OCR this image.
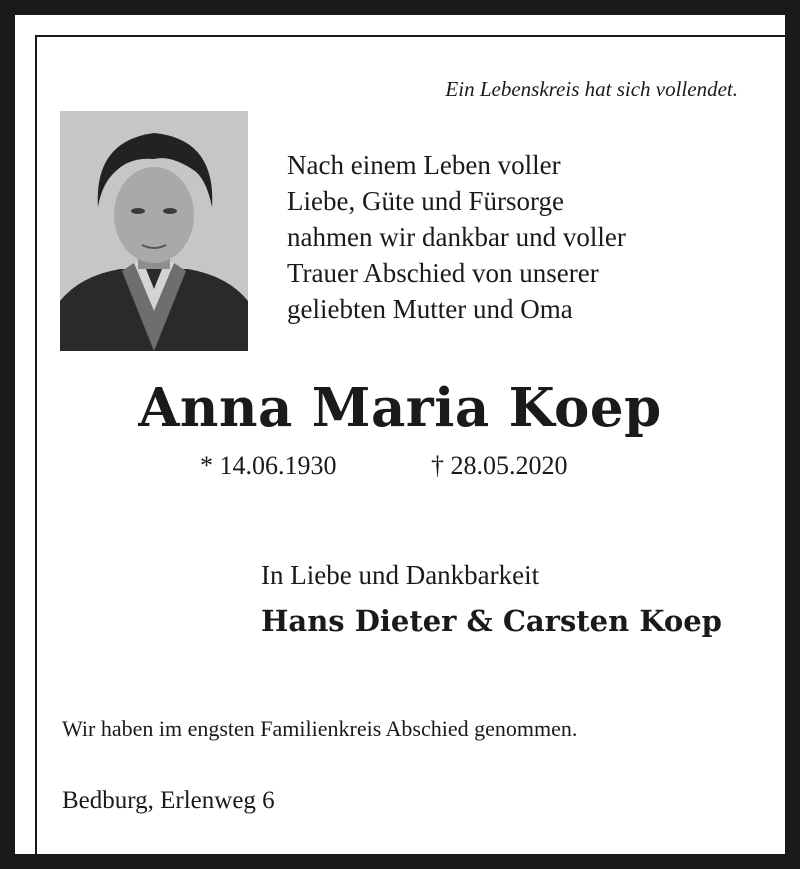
Ein Lebenskreis hat sich vollendet.
Nach einem Leben voller
Liebe, Güte und Fürsorge
nahmen wir dankbar und voller
Trauer Abschied von unserer
geliebten Mutter und Oma
Anna Maria Koep
* 14.06.1930	† 28.05.2020
In Liebe und Dankbarkeit
Hans Dieter & Carsten Koep
Wir haben im engsten Familienkreis Abschied genommen.
Bedburg, Erlenweg 6
